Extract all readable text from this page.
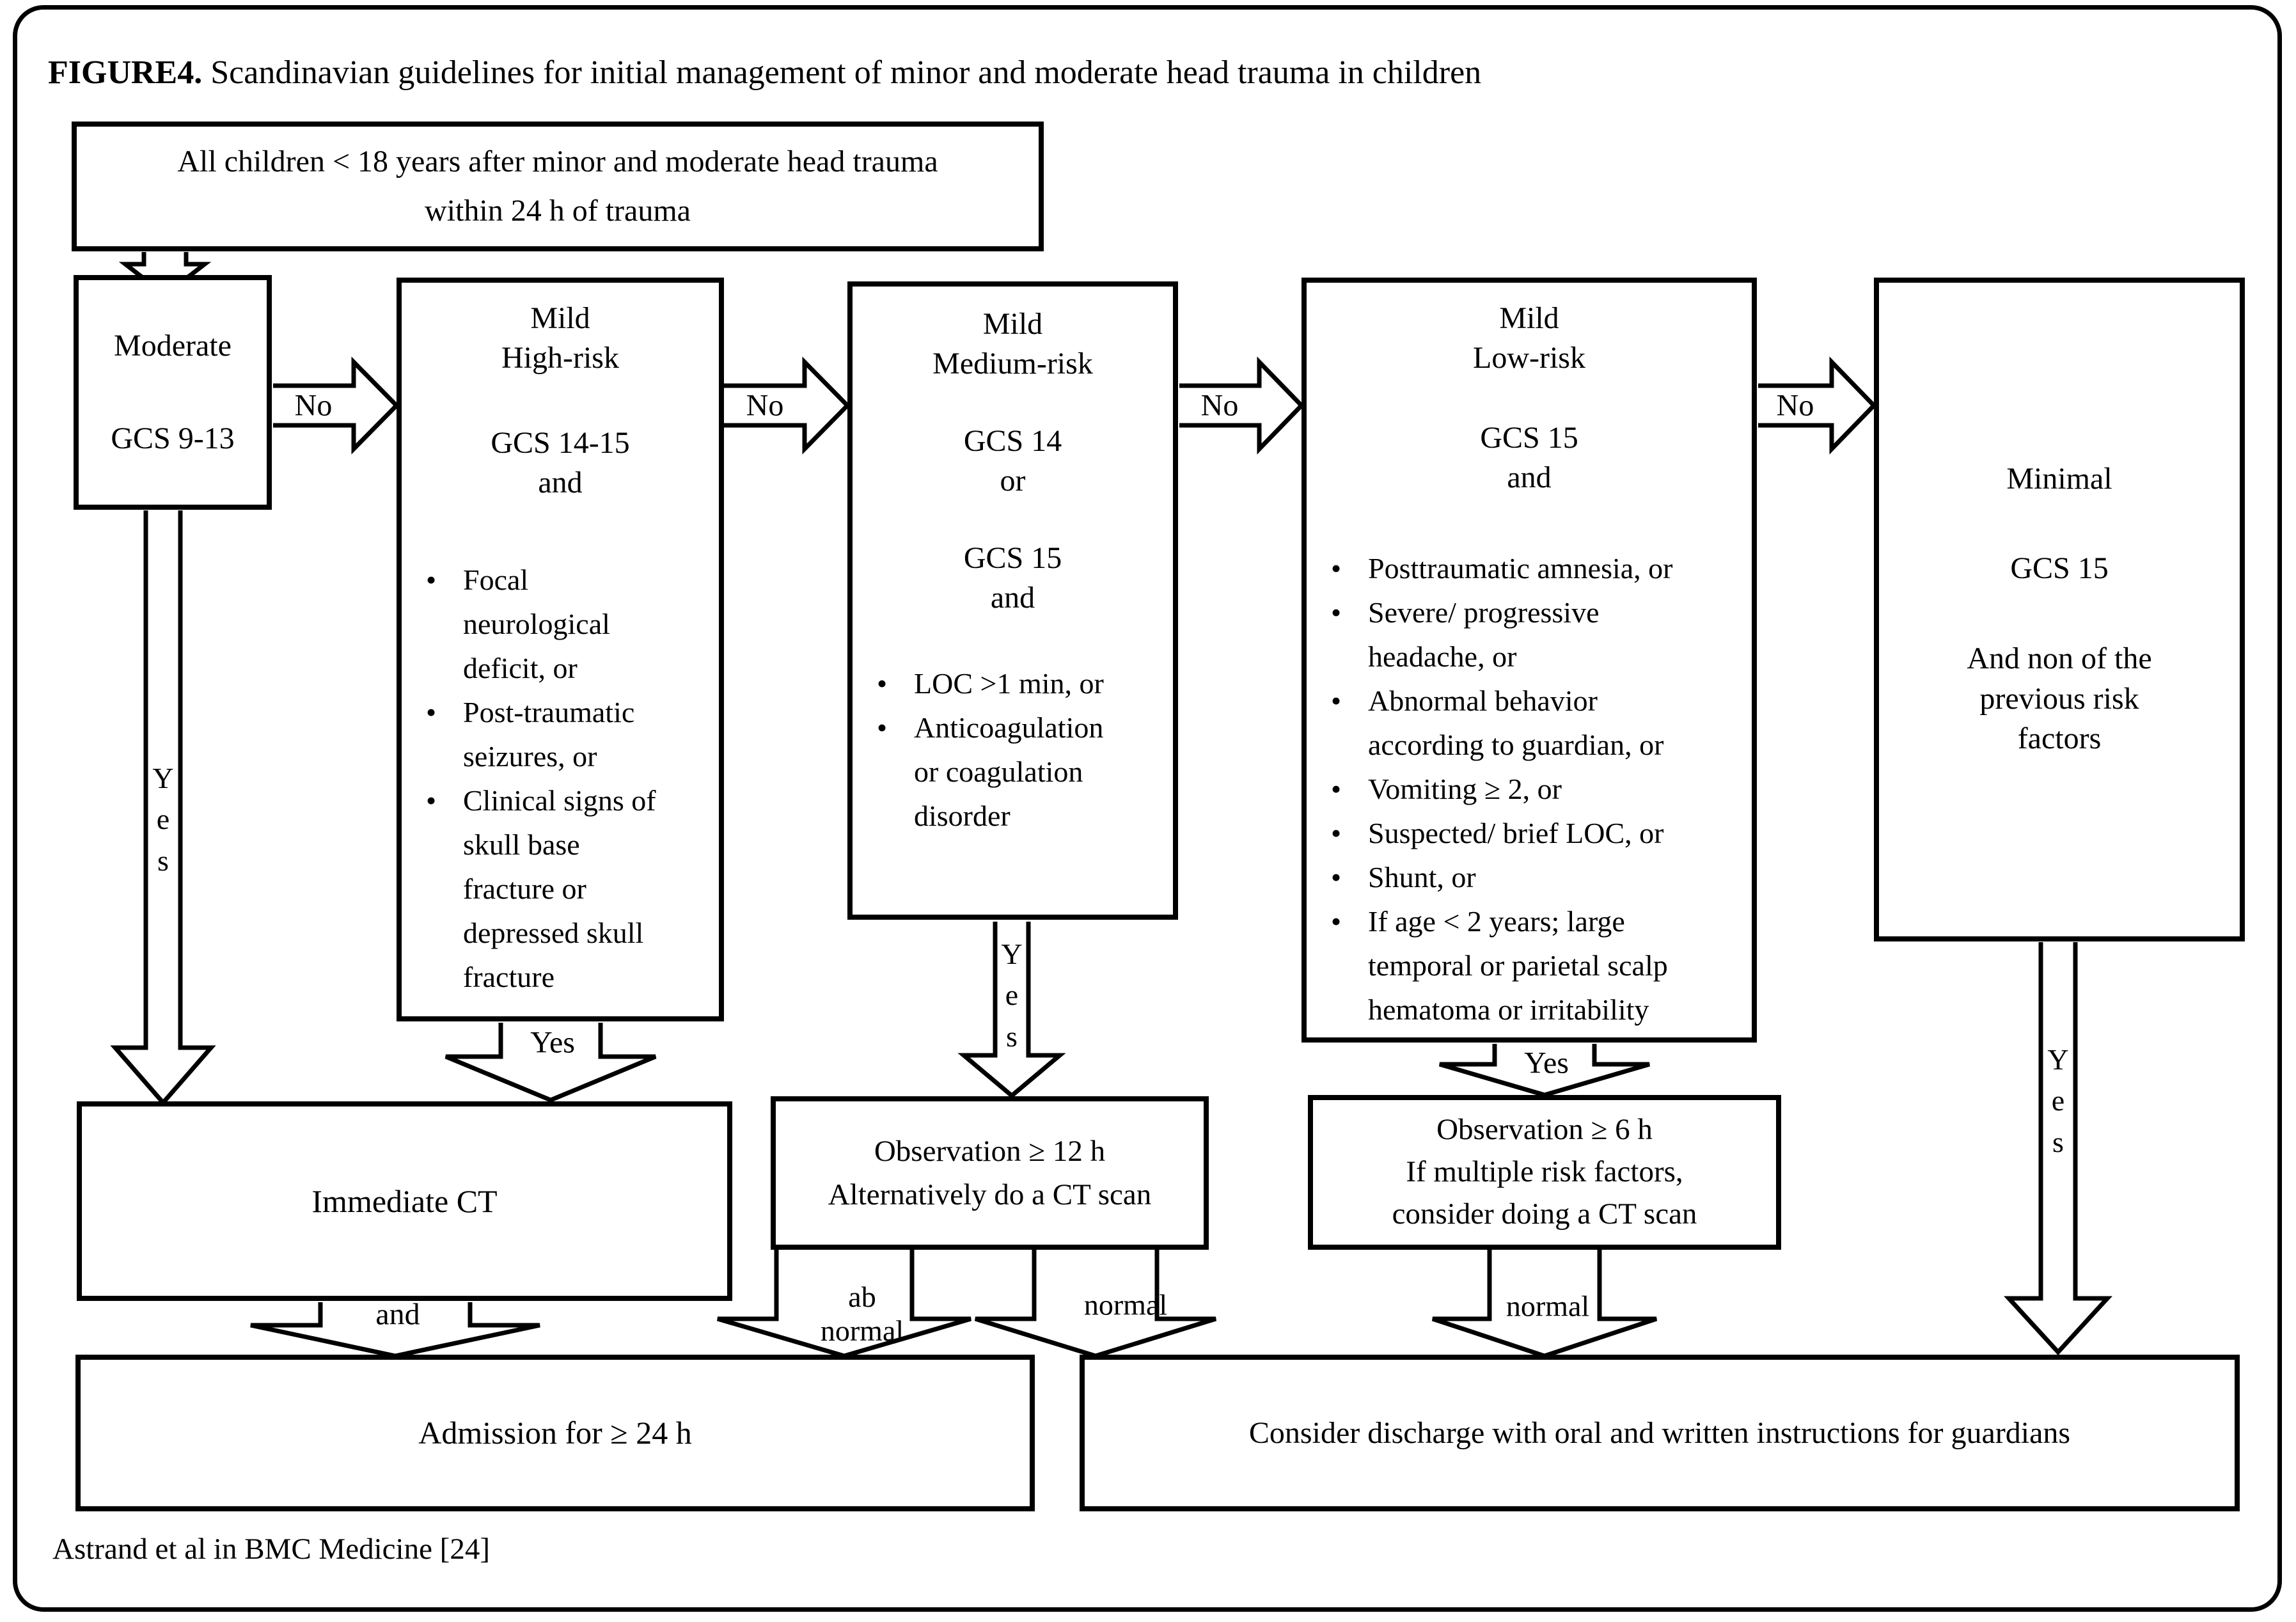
FIGURE4. Scandinavian guidelines for initial management of minor and moderate head trauma in children
All children < 18 years after minor and moderate head trauma
within 24 h of trauma
Moderate
GCS 9-13
Mild
High-risk
GCS 14-15
and
• Focal
neurological
deficit, or
• Post-traumatic
seizures, or
• Clinical signs of
skull base
fracture or
depressed skull
fracture
Mild
Medium-risk
GCS 14
or
GCS 15
and
• LOC >1 min, or
• Anticoagulation
or coagulation
disorder
Mild
Low-risk
GCS 15
and
• Posttraumatic amnesia, or
• Severe/ progressive
headache, or
• Abnormal behavior
according to guardian, or
• Vomiting ≥ 2, or
• Suspected/ brief LOC, or
• Shunt, or
• If age < 2 years; large
temporal or parietal scalp
hematoma or irritability
Minimal
GCS 15
And non of the
previous risk
factors
Immediate CT
Observation ≥ 12 h
Alternatively do a CT scan
Observation ≥ 6 h
If multiple risk factors,
consider doing a CT scan
Admission for ≥ 24 h	Consider discharge with oral and written instructions for guardians
No	No	No	No
Yes
Yes
Yes
Yes	Yes
and
ab
normal
normal	normal
Astrand et al in BMC Medicine [24]
